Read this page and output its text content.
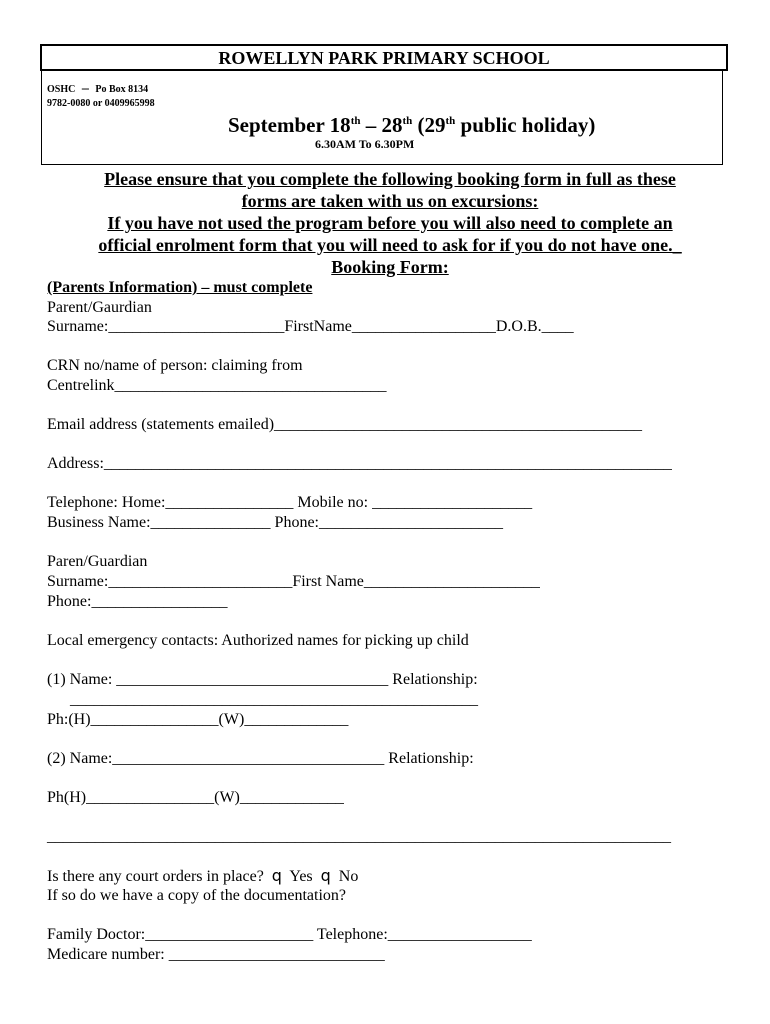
ROWELLYN PARK PRIMARY SCHOOL
OSHC – Po Box 8134
9782-0080 or 0409965998
September 18th – 28th (29th public holiday)
6.30AM To 6.30PM
Please ensure that you complete the following booking form in full as these
forms are taken with us on excursions:
If you have not used the program before you will also need to complete an
official enrolment form that you will need to ask for if you do not have one._
Booking Form:
(Parents Information) – must complete
Parent/Gaurdian
Surname:______________________FirstName__________________D.O.B.____
CRN no/name of person: claiming from
Centrelink__________________________________
Email address (statements emailed)______________________________________________
Address:_______________________________________________________________________
Telephone: Home:________________ Mobile no: ____________________
Business Name:_______________ Phone:_______________________
Paren/Guardian
Surname:_______________________First Name______________________
Phone:_________________
Local emergency contacts: Authorized names for picking up child
(1) Name: __________________________________ Relationship:
___________________________________________________
Ph:(H)________________(W)_____________
(2) Name:__________________________________ Relationship:
Ph(H)________________(W)_____________
______________________________________________________________________________
Is there any court orders in place? q Yes q No
If so do we have a copy of the documentation?
Family Doctor:_____________________ Telephone:__________________
Medicare number: ___________________________
